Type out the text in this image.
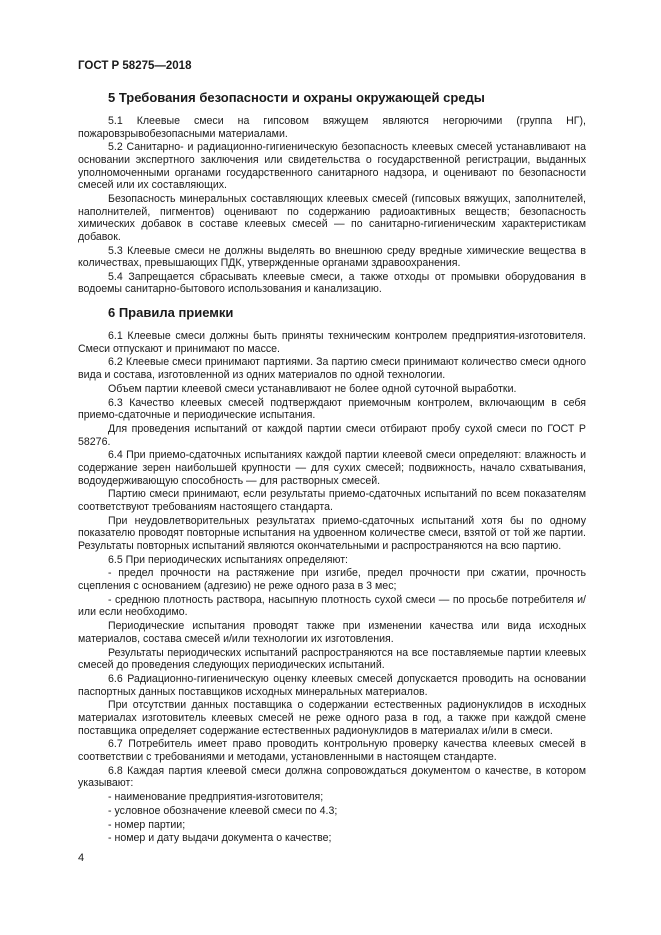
ГОСТ Р 58275—2018
5 Требования безопасности и охраны окружающей среды

5.1 Клеевые смеси на гипсовом вяжущем являются негорючими (группа НГ), пожаровзрывобезопасными материалами.

5.2 Санитарно- и радиационно-гигиеническую безопасность клеевых смесей устанавливают на основании экспертного заключения или свидетельства о государственной регистрации, выданных уполномоченными органами государственного санитарного надзора, и оценивают по безопасности смесей или их составляющих.

Безопасность минеральных составляющих клеевых смесей (гипсовых вяжущих, заполнителей, наполнителей, пигментов) оценивают по содержанию радиоактивных веществ; безопасность химических добавок в составе клеевых смесей — по санитарно-гигиеническим характеристикам добавок.

5.3 Клеевые смеси не должны выделять во внешнюю среду вредные химические вещества в количествах, превышающих ПДК, утвержденные органами здравоохранения.

5.4 Запрещается сбрасывать клеевые смеси, а также отходы от промывки оборудования в водоемы санитарно-бытового использования и канализацию.

6 Правила приемки

6.1 Клеевые смеси должны быть приняты техническим контролем предприятия-изготовителя. Смеси отпускают и принимают по массе.

6.2 Клеевые смеси принимают партиями. За партию смеси принимают количество смеси одного вида и состава, изготовленной из одних материалов по одной технологии.

Объем партии клеевой смеси устанавливают не более одной суточной выработки.

6.3 Качество клеевых смесей подтверждают приемочным контролем, включающим в себя приемо-сдаточные и периодические испытания.

Для проведения испытаний от каждой партии смеси отбирают пробу сухой смеси по ГОСТ Р 58276.

6.4 При приемо-сдаточных испытаниях каждой партии клеевой смеси определяют: влажность и содержание зерен наибольшей крупности — для сухих смесей; подвижность, начало схватывания, водоудерживающую способность — для растворных смесей.

Партию смеси принимают, если результаты приемо-сдаточных испытаний по всем показателям соответствуют требованиям настоящего стандарта.

При неудовлетворительных результатах приемо-сдаточных испытаний хотя бы по одному показателю проводят повторные испытания на удвоенном количестве смеси, взятой от той же партии. Результаты повторных испытаний являются окончательными и распространяются на всю партию.

6.5 При периодических испытаниях определяют:

- предел прочности на растяжение при изгибе, предел прочности при сжатии, прочность сцепления с основанием (адгезию) не реже одного раза в 3 мес;

- среднюю плотность раствора, насыпную плотность сухой смеси — по просьбе потребителя и/или если необходимо.

Периодические испытания проводят также при изменении качества или вида исходных материалов, состава смесей и/или технологии их изготовления.

Результаты периодических испытаний распространяются на все поставляемые партии клеевых смесей до проведения следующих периодических испытаний.

6.6 Радиационно-гигиеническую оценку клеевых смесей допускается проводить на основании паспортных данных поставщиков исходных минеральных материалов.

При отсутствии данных поставщика о содержании естественных радионуклидов в исходных материалах изготовитель клеевых смесей не реже одного раза в год, а также при каждой смене поставщика определяет содержание естественных радионуклидов в материалах и/или в смеси.

6.7 Потребитель имеет право проводить контрольную проверку качества клеевых смесей в соответствии с требованиями и методами, установленными в настоящем стандарте.

6.8 Каждая партия клеевой смеси должна сопровождаться документом о качестве, в котором указывают:

- наименование предприятия-изготовителя;

- условное обозначение клеевой смеси по 4.3;

- номер партии;

- номер и дату выдачи документа о качестве;

4
